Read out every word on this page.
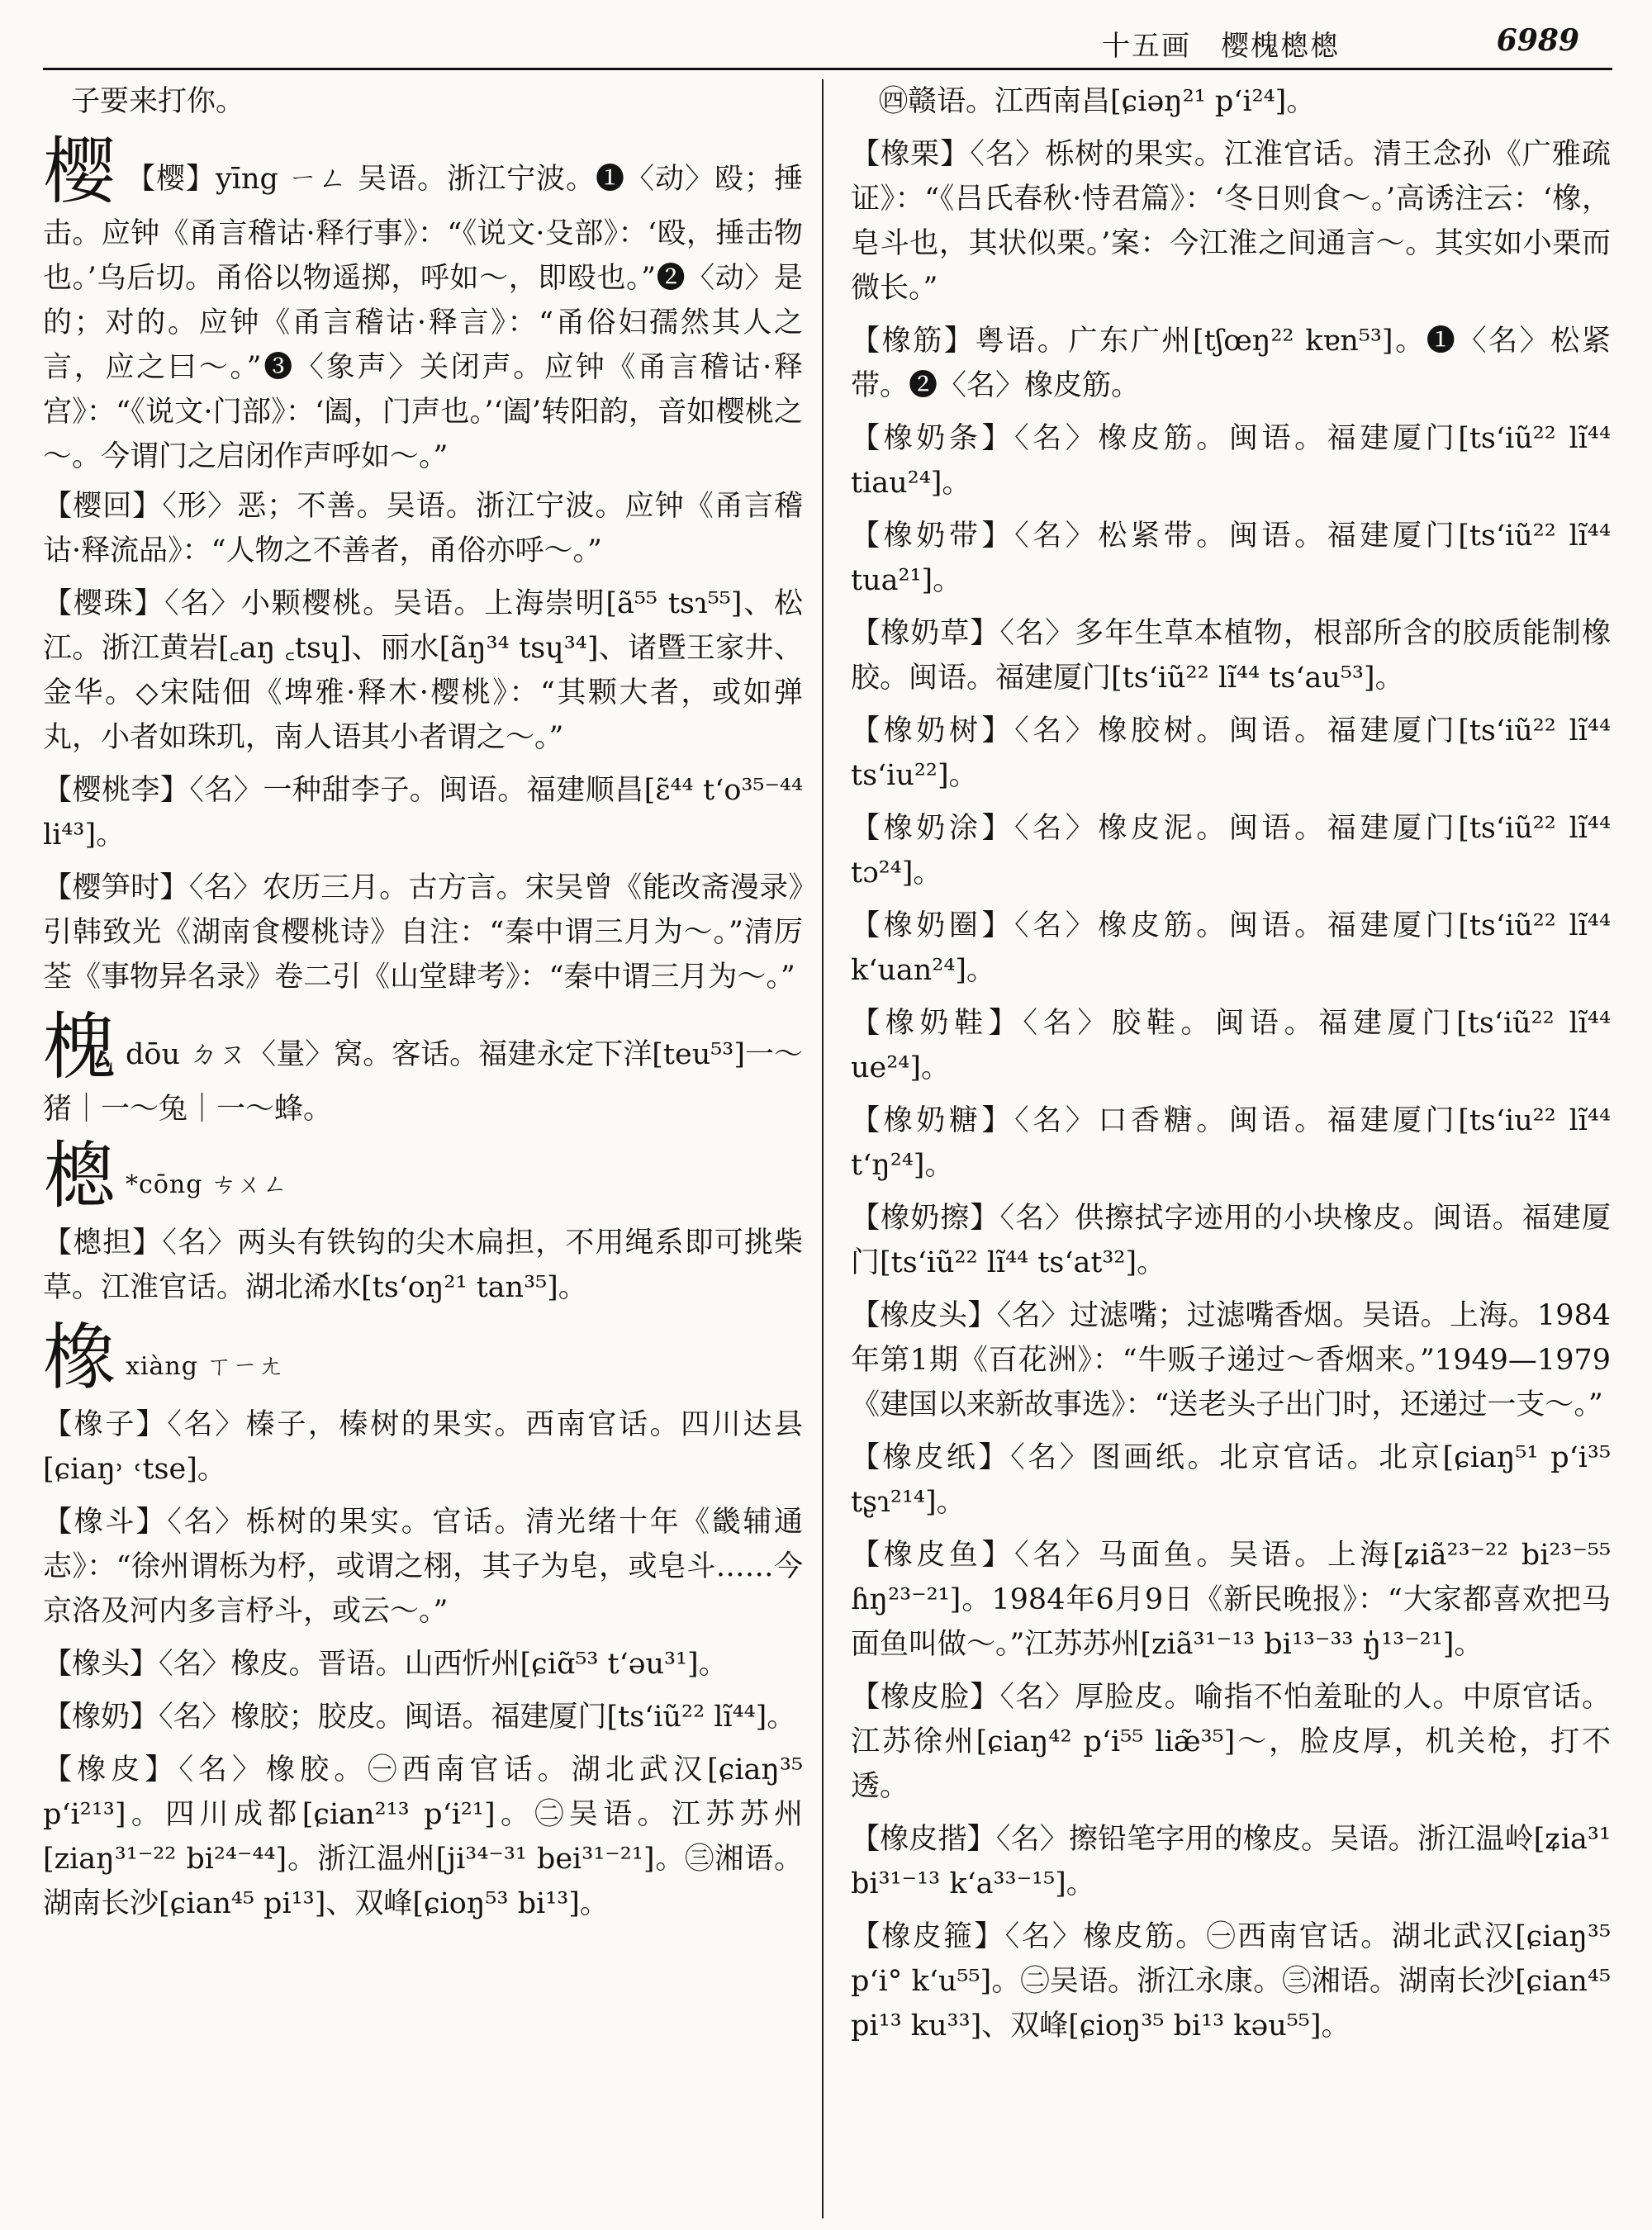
十五画　樱槐樬樬	6989
子要来打你。
樱 【樱】yīng ㄧㄥ 吴语。浙江宁波。❶〈动〉殴；捶击。应钟《甬言稽诂·释行事》：“《说文·殳部》：‘殴，捶击物也。’乌后切。甬俗以物遥掷，呼如～，即殴也。”❷〈动〉是的；对的。应钟《甬言稽诂·释言》：“甬俗妇孺然其人之言，应之曰～。”❸〈象声〉关闭声。应钟《甬言稽诂·释宫》：“《说文·门部》：‘阖，门声也。’‘阖’转阳韵，音如樱桃之～。今谓门之启闭作声呼如～。”
【樱回】〈形〉恶；不善。吴语。浙江宁波。应钟《甬言稽诂·释流品》：“人物之不善者，甬俗亦呼～。”
【樱珠】〈名〉小颗樱桃。吴语。上海崇明[ã⁵⁵ tsɿ⁵⁵]、松江。浙江黄岩[꜀aŋ ꜀tsɥ]、丽水[ãŋ³⁴ tsɥ³⁴]、诸暨王家井、金华。◇宋陆佃《埤雅·释木·樱桃》：“其颗大者，或如弹丸，小者如珠玑，南人语其小者谓之～。”
【樱桃李】〈名〉一种甜李子。闽语。福建顺昌[ɛ̃⁴⁴ tʻo³⁵⁻⁴⁴ li⁴³]。
【樱笋时】〈名〉农历三月。古方言。宋吴曾《能改斋漫录》引韩致光《湖南食樱桃诗》自注：“秦中谓三月为～。”清厉荃《事物异名录》卷二引《山堂肆考》：“秦中谓三月为～。”
槐dōu ㄉㄡ〈量〉窝。客话。福建永定下洋[teu⁵³]一～猪｜一～兔｜一～蜂。
樬 *cōng ㄘㄨㄥ
【樬担】〈名〉两头有铁钩的尖木扁担，不用绳系即可挑柴草。江淮官话。湖北浠水[tsʻoŋ²¹ tan³⁵]。
橡xiàng ㄒㄧㄤ
【橡子】〈名〉榛子，榛树的果实。西南官话。四川达县[ɕiaŋ˒ ˓tse]。
【橡斗】〈名〉栎树的果实。官话。清光绪十年《畿辅通志》：“徐州谓栎为杼，或谓之栩，其子为皂，或皂斗……今京洛及河内多言杼斗，或云～。”
【橡头】〈名〉橡皮。晋语。山西忻州[ɕiɑ̃⁵³ tʻəu³¹]。
【橡奶】〈名〉橡胶；胶皮。闽语。福建厦门[tsʻiũ²² lĩ⁴⁴]。
【橡皮】〈名〉橡胶。㊀西南官话。湖北武汉[ɕiaŋ³⁵ pʻi²¹³]。四川成都[ɕian²¹³ pʻi²¹]。㊁吴语。江苏苏州[ziaŋ³¹⁻²² bi²⁴⁻⁴⁴]。浙江温州[ji³⁴⁻³¹ bei³¹⁻²¹]。㊂湘语。湖南长沙[ɕian⁴⁵ pi¹³]、双峰[ɕioŋ⁵³ bi¹³]。
㊃赣语。江西南昌[ɕiəŋ²¹ pʻi²⁴]。
【橡栗】〈名〉栎树的果实。江淮官话。清王念孙《广雅疏证》：“《吕氏春秋·恃君篇》：‘冬日则食～。’高诱注云：‘橡，皂斗也，其状似栗。’案：今江淮之间通言～。其实如小栗而微长。”
【橡筋】粤语。广东广州[tʃœŋ²² kɐn⁵³]。❶〈名〉松紧带。❷〈名〉橡皮筋。
【橡奶条】〈名〉橡皮筋。闽语。福建厦门[tsʻiũ²² lĩ⁴⁴ tiau²⁴]。
【橡奶带】〈名〉松紧带。闽语。福建厦门[tsʻiũ²² lĩ⁴⁴ tua²¹]。
【橡奶草】〈名〉多年生草本植物，根部所含的胶质能制橡胶。闽语。福建厦门[tsʻiũ²² lĩ⁴⁴ tsʻau⁵³]。
【橡奶树】〈名〉橡胶树。闽语。福建厦门[tsʻiũ²² lĩ⁴⁴ tsʻiu²²]。
【橡奶涂】〈名〉橡皮泥。闽语。福建厦门[tsʻiũ²² lĩ⁴⁴ tɔ²⁴]。
【橡奶圈】〈名〉橡皮筋。闽语。福建厦门[tsʻiũ²² lĩ⁴⁴ kʻuan²⁴]。
【橡奶鞋】〈名〉胶鞋。闽语。福建厦门[tsʻiũ²² lĩ⁴⁴ ue²⁴]。
【橡奶糖】〈名〉口香糖。闽语。福建厦门[tsʻiu²² lĩ⁴⁴ tʻŋ²⁴]。
【橡奶擦】〈名〉供擦拭字迹用的小块橡皮。闽语。福建厦门[tsʻiũ²² lĩ⁴⁴ tsʻat³²]。
【橡皮头】〈名〉过滤嘴；过滤嘴香烟。吴语。上海。1984年第1期《百花洲》：“牛贩子递过～香烟来。”1949—1979《建国以来新故事选》：“送老头子出门时，还递过一支～。”
【橡皮纸】〈名〉图画纸。北京官话。北京[ɕiaŋ⁵¹ pʻi³⁵ tʂɿ²¹⁴]。
【橡皮鱼】〈名〉马面鱼。吴语。上海[ʑiã²³⁻²² bi²³⁻⁵⁵ ɦŋ²³⁻²¹]。1984年6月9日《新民晚报》：“大家都喜欢把马面鱼叫做～。”江苏苏州[ziã³¹⁻¹³ bi¹³⁻³³ ŋ̍¹³⁻²¹]。
【橡皮脸】〈名〉厚脸皮。喻指不怕羞耻的人。中原官话。江苏徐州[ɕiaŋ⁴² pʻi⁵⁵ liæ̃³⁵]～，脸皮厚，机关枪，打不透。
【橡皮揩】〈名〉擦铅笔字用的橡皮。吴语。浙江温岭[ʑia³¹ bi³¹⁻¹³ kʻa³³⁻¹⁵]。
【橡皮箍】〈名〉橡皮筋。㊀西南官话。湖北武汉[ɕiaŋ³⁵ pʻi° kʻu⁵⁵]。㊁吴语。浙江永康。㊂湘语。湖南长沙[ɕian⁴⁵ pi¹³ ku³³]、双峰[ɕioŋ³⁵ bi¹³ kəu⁵⁵]。
